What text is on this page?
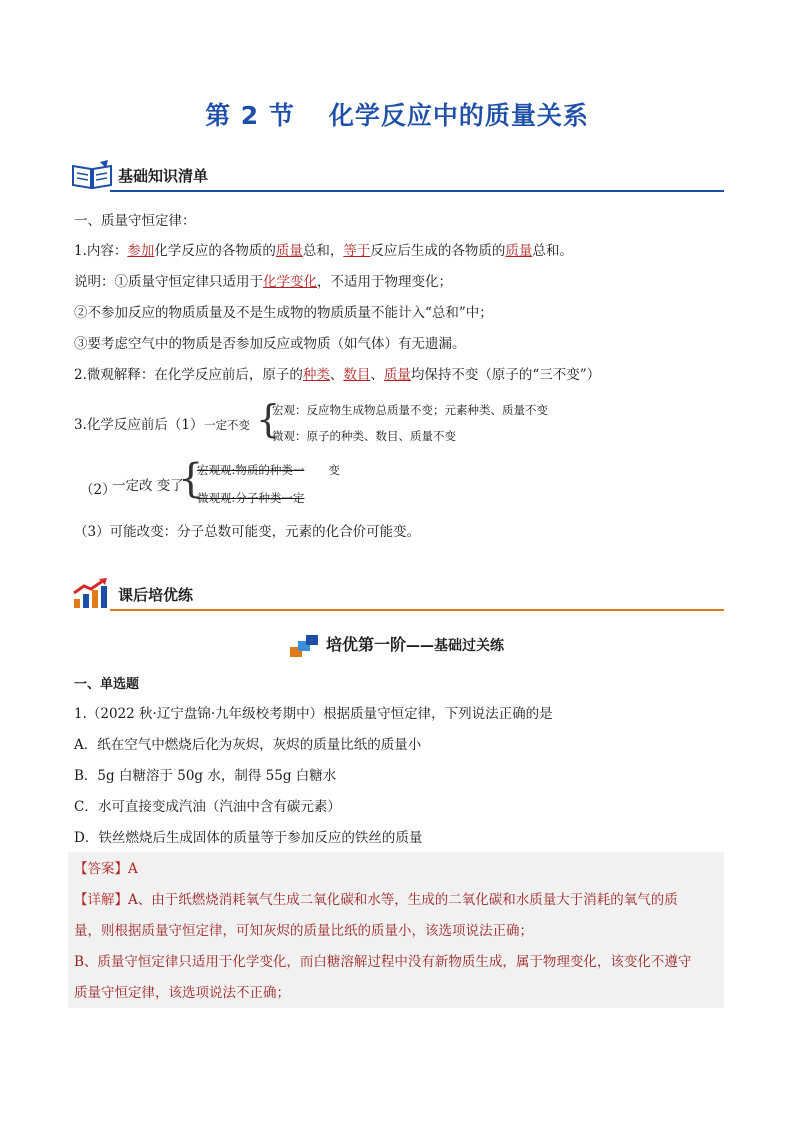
第 2 节 化学反应中的质量关系
基础知识清单
一、质量守恒定律：
1.内容：参加化学反应的各物质的质量总和，等于反应后生成的各物质的质量总和。
说明：①质量守恒定律只适用于化学变化，不适用于物理变化；
②不参加反应的物质质量及不是生成物的物质质量不能计入“总和”中；
③要考虑空气中的物质是否参加反应或物质（如气体）有无遗漏。
2.微观解释：在化学反应前后，原子的种类、数目、质量均保持不变（原子的“三不变”）
3.化学反应前后（1） 一定不变 {
宏观：反应物生成物总质量不变；元素种类、质量不变
微观：原子的种类、数目、质量不变
（2）
一定改 变了
{
宏观观:物质的种类一 变
微观观:分子种类一定
（3）可能改变：分子总数可能变，元素的化合价可能变。
课后培优练
培优第一阶——基础过关练
一、单选题
1.（2022 秋·辽宁盘锦·九年级校考期中）根据质量守恒定律，下列说法正确的是
A．纸在空气中燃烧后化为灰烬，灰烬的质量比纸的质量小
B．5g 白糖溶于 50g 水，制得 55g 白糖水
C．水可直接变成汽油（汽油中含有碳元素）
D．铁丝燃烧后生成固体的质量等于参加反应的铁丝的质量
【答案】A
【详解】A、由于纸燃烧消耗氧气生成二氧化碳和水等，生成的二氧化碳和水质量大于消耗的氧气的质
量，则根据质量守恒定律，可知灰烬的质量比纸的质量小，该选项说法正确；
B、质量守恒定律只适用于化学变化，而白糖溶解过程中没有新物质生成，属于物理变化，该变化不遵守
质量守恒定律，该选项说法不正确；
